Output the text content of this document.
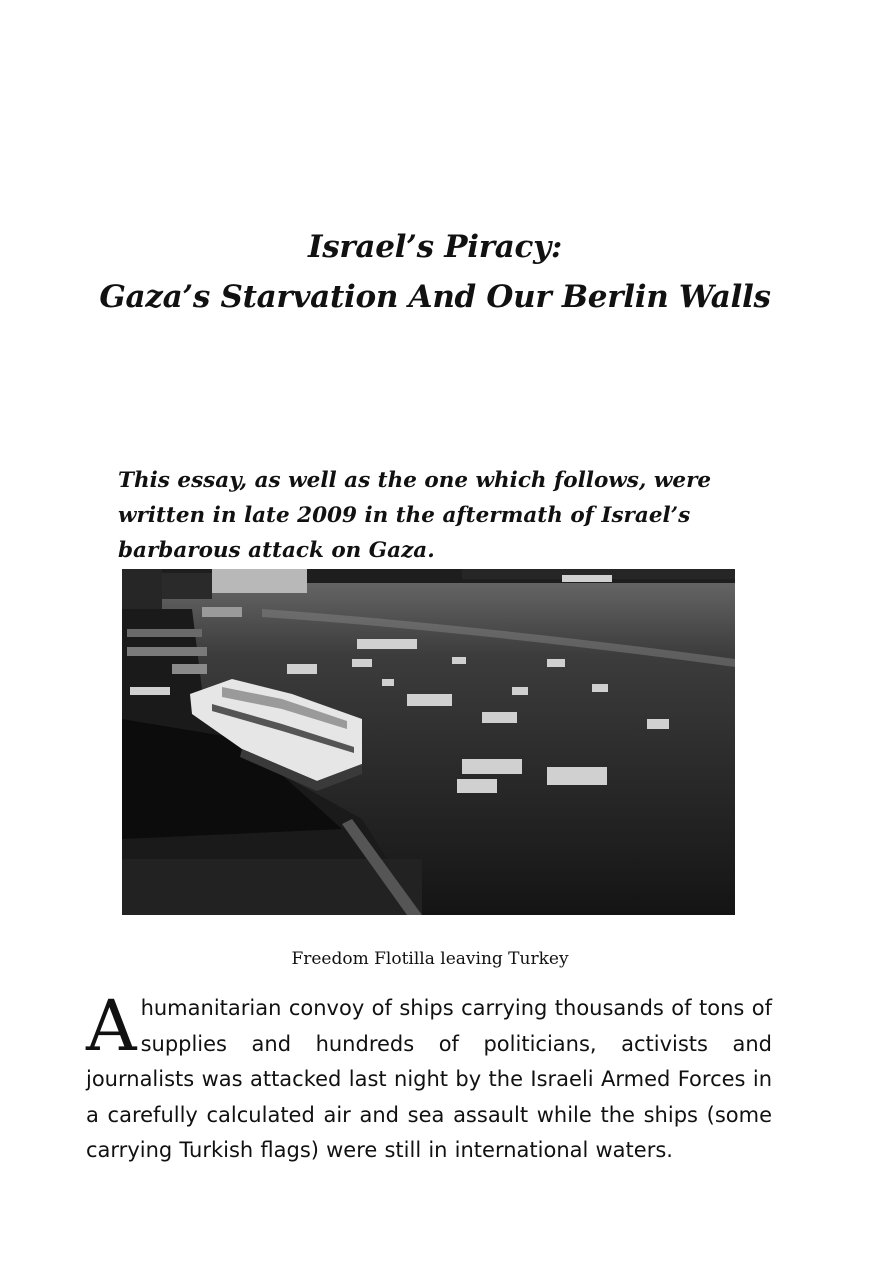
Israel’s Piracy:
Gaza’s Starvation And Our Berlin Walls
This essay, as well as the one which follows, were written in late 2009 in the aftermath of Israel’s barbarous attack on Gaza.
Freedom Flotilla leaving Turkey
A humanitarian convoy of ships carrying thousands of tons of supplies and hundreds of politicians, activists and journalists was attacked last night by the Israeli Armed Forces in a carefully calculated air and sea assault while the ships (some carrying Turkish flags) were still in international waters.
